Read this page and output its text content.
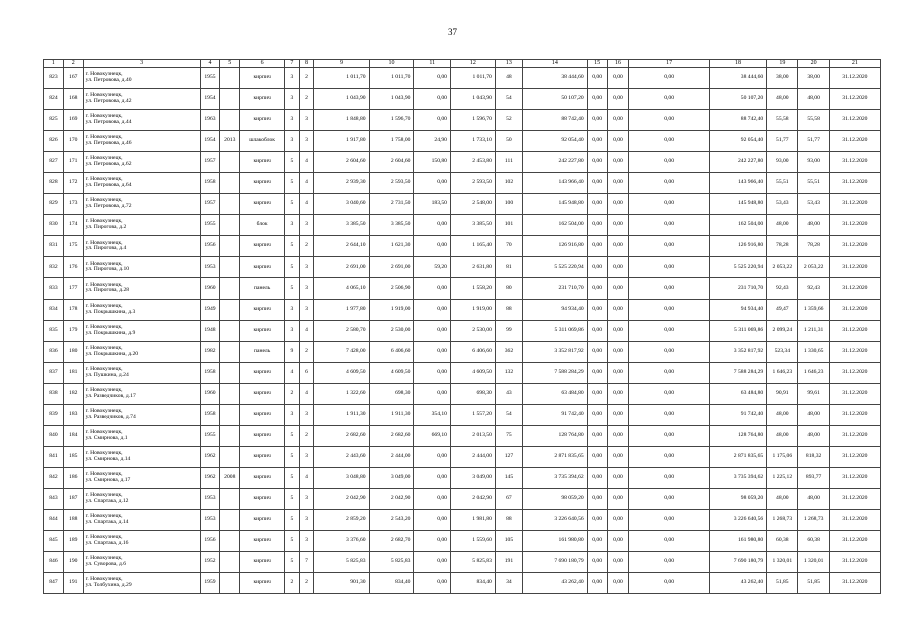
37
1	2	3	4	5	6	7	8	9	10	11	12	13	14	15	16	17	18	19	20	21
823	167	г. Новокузнецк,
ул. Петровова, д.40	1955		кирпич	3	2	1 011,70	1 011,70	0,00	1 011,70	48	38 444,60	0,00	0,00	0,00	38 444,60	38,00	38,00	31.12.2020
824	168	г. Новокузнецк,
ул. Петровова, д.42	1954		кирпич	3	2	1 043,90	1 043,90	0,00	1 043,90	54	50 107,20	0,00	0,00	0,00	50 107,20	48,00	48,00	31.12.2020
825	169	г. Новокузнецк,
ул. Петровова, д.44	1963		кирпич	3	3	1 848,80	1 596,70	0,00	1 596,70	52	88 742,40	0,00	0,00	0,00	88 742,40	55,58	55,58	31.12.2020
826	170	г. Новокузнецк,
ул. Петровова, д.46	1954	2013	шлакоблок	3	3	1 917,80	1 758,00	24,90	1 733,10	50	92 054,40	0,00	0,00	0,00	92 054,40	51,77	51,77	31.12.2020
827	171	г. Новокузнецк,
ул. Петровова, д.62	1957		кирпич	5	4	2 604,60	2 604,60	150,80	2 453,80	111	242 227,80	0,00	0,00	0,00	242 227,80	93,00	93,00	31.12.2020
828	172	г. Новокузнецк,
ул. Петровова, д.64	1958		кирпич	5	4	2 939,30	2 593,50	0,00	2 593,50	102	143 966,40	0,00	0,00	0,00	143 966,40	55,51	55,51	31.12.2020
829	173	г. Новокузнецк,
ул. Петровова, д.72	1957		кирпич	5	4	3 040,60	2 731,50	183,50	2 548,00	100	145 948,80	0,00	0,00	0,00	145 948,80	53,43	53,43	31.12.2020
830	174	г. Новокузнецк,
ул. Пирогова, д.2	1955		блок	3	3	3 385,50	3 385,50	0,00	3 385,50	101	162 504,00	0,00	0,00	0,00	162 504,00	48,00	48,00	31.12.2020
831	175	г. Новокузнецк,
ул. Пирогова, д.4	1956		кирпич	5	2	2 644,10	1 621,30	0,00	1 165,40	70	126 916,80	0,00	0,00	0,00	126 916,80	78,28	78,28	31.12.2020
832	176	г. Новокузнецк,
ул. Пирогова, д.10	1953		кирпич	5	3	2 691,00	2 691,00	59,20	2 631,80	81	5 525 220,94	0,00	0,00	0,00	5 525 220,94	2 053,22	2 053,22	31.12.2020
833	177	г. Новокузнецк,
ул. Пирогова, д.28	1960		панель	5	3	4 065,10	2 506,90	0,00	1 558,20	80	231 710,70	0,00	0,00	0,00	231 710,70	92,43	92,43	31.12.2020
834	178	г. Новокузнецк,
ул. Покрышкина, д.3	1949		кирпич	3	3	1 977,80	1 919,00	0,00	1 919,00	88	94 934,40	0,00	0,00	0,00	94 934,40	49,47	1 359,66	31.12.2020
835	179	г. Новокузнецк,
ул. Покрышкина, д.9	1948		кирпич	3	4	2 580,70	2 530,00	0,00	2 530,00	99	5 311 069,86	0,00	0,00	0,00	5 311 069,86	2 099,24	1 211,31	31.12.2020
836	180	г. Новокузнецк,
ул. Покрышкина, д.20	1982		панель	9	2	7 428,00	6 406,60	0,00	6 406,60	362	3 352 817,92	0,00	0,00	0,00	3 352 817,92	523,34	1 330,65	31.12.2020
837	181	г. Новокузнецк,
ул. Пушкина, д.24	1958		кирпич	4	6	4 609,50	4 609,50	0,00	4 609,50	132	7 588 284,29	0,00	0,00	0,00	7 588 284,29	1 646,23	1 646,23	31.12.2020
838	182	г. Новокузнецк,
ул. Разведчиков, д.17	1960		кирпич	2	4	1 322,60	698,30	0,00	698,30	43	63 484,80	0,00	0,00	0,00	63 484,80	90,91	99,61	31.12.2020
839	183	г. Новокузнецк,
ул. Разведчиков, д.74	1958		кирпич	3	3	1 911,30	1 911,30	354,10	1 557,20	54	91 742,40	0,00	0,00	0,00	91 742,40	48,00	48,00	31.12.2020
840	184	г. Новокузнецк,
ул. Смирнова, д.1	1955		кирпич	5	2	2 682,60	2 682,60	669,10	2 013,50	75	128 764,80	0,00	0,00	0,00	128 764,80	48,00	48,00	31.12.2020
841	185	г. Новокузнецк,
ул. Смирнова, д.14	1962		кирпич	5	3	2 443,60	2 444,00	0,00	2 444,00	127	2 871 835,65	0,00	0,00	0,00	2 871 835,65	1 175,06	818,32	31.12.2020
842	186	г. Новокузнецк,
ул. Смирнова, д.17	1962	2008	кирпич	5	4	3 048,80	3 049,00	0,00	3 049,00	145	3 735 394,62	0,00	0,00	0,00	3 735 394,62	1 225,12	893,77	31.12.2020
843	187	г. Новокузнецк,
ул. Спартака, д.12	1953		кирпич	5	3	2 042,90	2 042,90	0,00	2 042,90	67	98 059,20	0,00	0,00	0,00	98 059,20	48,00	48,00	31.12.2020
844	188	г. Новокузнецк,
ул. Спартака, д.14	1953		кирпич	5	3	2 859,20	2 543,20	0,00	1 981,80	88	3 226 640,56	0,00	0,00	0,00	3 226 640,56	1 268,73	1 268,73	31.12.2020
845	189	г. Новокузнецк,
ул. Спартака, д.16	1956		кирпич	5	3	3 376,60	2 682,70	0,00	1 559,60	105	161 980,80	0,00	0,00	0,00	161 980,80	60,38	60,38	31.12.2020
846	190	г. Новокузнецк,
ул. Суворова, д.6	1952		кирпич	5	7	5 825,83	5 825,83	0,00	5 825,83	191	7 690 180,79	0,00	0,00	0,00	7 690 180,79	1 320,01	1 320,01	31.12.2020
847	191	г. Новокузнецк,
ул. Толбухина, д.29	1959		кирпич	2	2	901,30	834,40	0,00	834,40	34	43 262,40	0,00	0,00	0,00	43 262,40	51,85	51,85	31.12.2020
